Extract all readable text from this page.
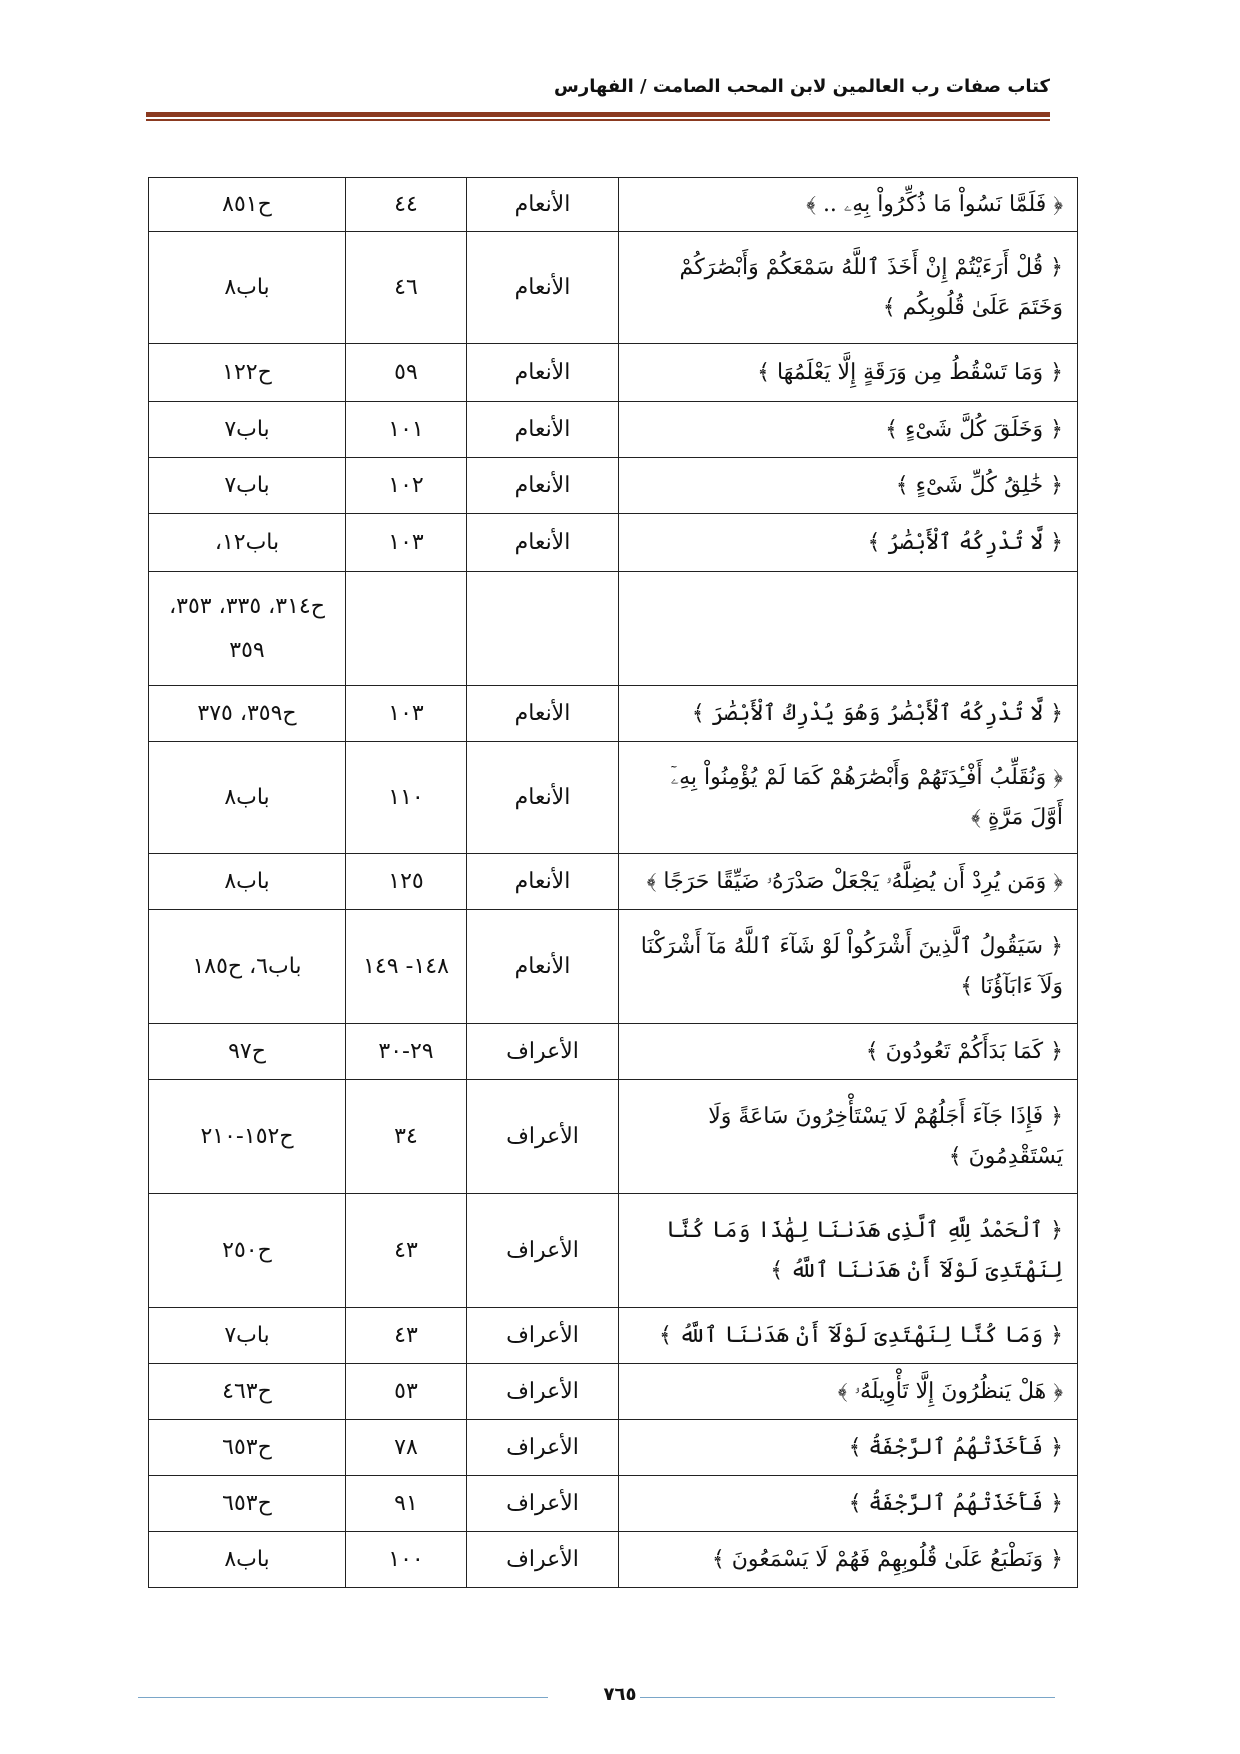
كتاب صفات رب العالمين لابن المحب الصامت / الفهارس
﴿ فَلَمَّا نَسُواْ مَا ذُكِّرُواْ بِهِۦ .. ﴾	الأنعام	٤٤	ح٨٥١
﴿ قُلْ أَرَءَيْتُمْ إِنْ أَخَذَ ٱللَّهُ سَمْعَكُمْ وَأَبْصَٰرَكُمْ وَخَتَمَ عَلَىٰ قُلُوبِكُم ﴾	الأنعام	٤٦	باب٨
﴿ وَمَا تَسْقُطُ مِن وَرَقَةٍ إِلَّا يَعْلَمُهَا ﴾	الأنعام	٥٩	ح١٢٢
﴿ وَخَلَقَ كُلَّ شَىْءٍ ﴾	الأنعام	١٠١	باب٧
﴿ خَٰلِقُ كُلِّ شَىْءٍ ﴾	الأنعام	١٠٢	باب٧
﴿ لَّا تُدْرِكُهُ ٱلْأَبْصَٰرُ ﴾	الأنعام	١٠٣	باب١٢،
			ح٣١٤، ٣٣٥، ٣٥٣، ٣٥٩
﴿ لَّا تُدْرِكُهُ ٱلْأَبْصَٰرُ وَهُوَ يُدْرِكُ ٱلْأَبْصَٰرَ ﴾	الأنعام	١٠٣	ح٣٥٩، ٣٧٥
﴿ وَنُقَلِّبُ أَفْـِٔدَتَهُمْ وَأَبْصَٰرَهُمْ كَمَا لَمْ يُؤْمِنُواْ بِهِۦٓ أَوَّلَ مَرَّةٍ ﴾	الأنعام	١١٠	باب٨
﴿ وَمَن يُرِدْ أَن يُضِلَّهُۥ يَجْعَلْ صَدْرَهُۥ ضَيِّقًا حَرَجًا ﴾	الأنعام	١٢٥	باب٨
﴿ سَيَقُولُ ٱلَّذِينَ أَشْرَكُواْ لَوْ شَآءَ ٱللَّهُ مَآ أَشْرَكْنَا وَلَآ ءَابَآؤُنَا ﴾	الأنعام	١٤٨- ١٤٩	باب٦، ح١٨٥
﴿ كَمَا بَدَأَكُمْ تَعُودُونَ ﴾	الأعراف	٢٩-٣٠	ح٩٧
﴿ فَإِذَا جَآءَ أَجَلُهُمْ لَا يَسْتَأْخِرُونَ سَاعَةً وَلَا يَسْتَقْدِمُونَ ﴾	الأعراف	٣٤	ح١٥٢-٢١٠
﴿ ٱلْحَمْدُ لِلَّهِ ٱلَّذِى هَدَىٰنَا لِهَٰذَا وَمَا كُنَّا لِنَهْتَدِىَ لَوْلَآ أَنْ هَدَىٰنَا ٱللَّهُ ﴾	الأعراف	٤٣	ح٢٥٠
﴿ وَمَا كُنَّا لِنَهْتَدِىَ لَوْلَآ أَنْ هَدَىٰنَا ٱللَّهُ ﴾	الأعراف	٤٣	باب٧
﴿ هَلْ يَنظُرُونَ إِلَّا تَأْوِيلَهُۥ ﴾	الأعراف	٥٣	ح٤٦٣
﴿ فَأَخَذَتْهُمُ ٱلرَّجْفَةُ ﴾	الأعراف	٧٨	ح٦٥٣
﴿ فَأَخَذَتْهُمُ ٱلرَّجْفَةُ ﴾	الأعراف	٩١	ح٦٥٣
﴿ وَنَطْبَعُ عَلَىٰ قُلُوبِهِمْ فَهُمْ لَا يَسْمَعُونَ ﴾	الأعراف	١٠٠	باب٨
٧٦٥
